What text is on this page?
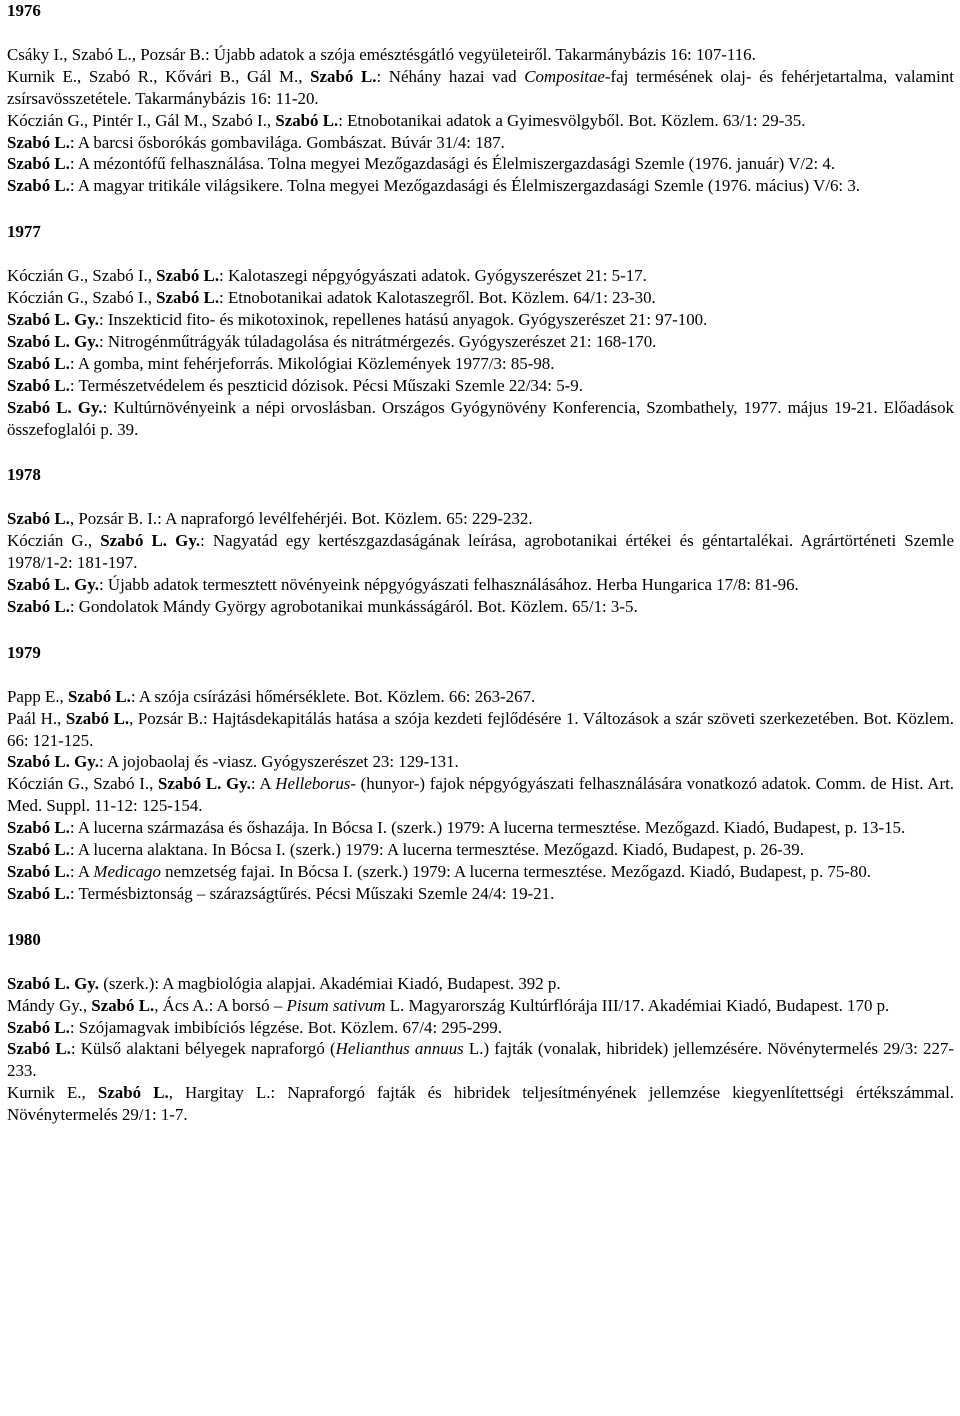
1976

Csáky I., Szabó L., Pozsár B.: Újabb adatok a szója emésztésgátló vegyületeiről. Takarmánybázis 16: 107-116.

Kurnik E., Szabó R., Kővári B., Gál M., Szabó L.: Néhány hazai vad Compositae-faj termésének olaj- és fehérjetartalma, valamint zsírsavösszetétele. Takarmánybázis 16: 11-20.

Kóczián G., Pintér I., Gál M., Szabó I., Szabó L.: Etnobotanikai adatok a Gyimesvölgyből. Bot. Közlem. 63/1: 29-35.

Szabó L.: A barcsi ősborókás gombavilága. Gombászat. Búvár 31/4: 187.

Szabó L.: A mézontófű felhasználása. Tolna megyei Mezőgazdasági és Élelmiszergazdasági Szemle (1976. január) V/2: 4.

Szabó L.: A magyar tritikále világsikere. Tolna megyei Mezőgazdasági és Élelmiszergazdasági Szemle (1976. mácius) V/6: 3.

1977

Kóczián G., Szabó I., Szabó L.: Kalotaszegi népgyógyászati adatok. Gyógyszerészet 21: 5-17.

Kóczián G., Szabó I., Szabó L.: Etnobotanikai adatok Kalotaszegről. Bot. Közlem. 64/1: 23-30.

Szabó L. Gy.: Inszekticid fito- és mikotoxinok, repellenes hatású anyagok. Gyógyszerészet 21: 97-100.

Szabó L. Gy.: Nitrogénműtrágyák túladagolása és nitrátmérgezés. Gyógyszerészet 21: 168-170.

Szabó L.: A gomba, mint fehérjeforrás. Mikológiai Közlemények 1977/3: 85-98.

Szabó L.: Természetvédelem és peszticid dózisok. Pécsi Műszaki Szemle 22/34: 5-9.

Szabó L. Gy.: Kultúrnövényeink a népi orvoslásban. Országos Gyógynövény Konferencia, Szombathely, 1977. május 19-21. Előadások összefoglalói p. 39.

1978

Szabó L., Pozsár B. I.: A napraforgó levélfehérjéi. Bot. Közlem. 65: 229-232.

Kóczián G., Szabó L. Gy.: Nagyatád egy kertészgazdaságának leírása, agrobotanikai értékei és géntartalékai. Agrártörténeti Szemle 1978/1-2: 181-197.

Szabó L. Gy.: Újabb adatok termesztett növényeink népgyógyászati felhasználásához. Herba Hungarica 17/8: 81-96.

Szabó L.: Gondolatok Mándy György agrobotanikai munkásságáról. Bot. Közlem. 65/1: 3-5.

1979

Papp E., Szabó L.: A szója csírázási hőmérséklete. Bot. Közlem. 66: 263-267.

Paál H., Szabó L., Pozsár B.: Hajtásdekapitálás hatása a szója kezdeti fejlődésére 1. Változások a szár szöveti szerkezetében. Bot. Közlem. 66: 121-125.

Szabó L. Gy.: A jojobaolaj és -viasz. Gyógyszerészet 23: 129-131.

Kóczián G., Szabó I., Szabó L. Gy.: A Helleborus- (hunyor-) fajok népgyógyászati felhasználására vonatkozó adatok. Comm. de Hist. Art. Med. Suppl. 11-12: 125-154.

Szabó L.: A lucerna származása és őshazája. In Bócsa I. (szerk.) 1979: A lucerna termesztése. Mezőgazd. Kiadó, Budapest, p. 13-15.

Szabó L.: A lucerna alaktana. In Bócsa I. (szerk.) 1979: A lucerna termesztése. Mezőgazd. Kiadó, Budapest, p. 26-39.

Szabó L.: A Medicago nemzetség fajai. In Bócsa I. (szerk.) 1979: A lucerna termesztése. Mezőgazd. Kiadó, Budapest, p. 75-80.

Szabó L.: Termésbiztonság – szárazságtűrés. Pécsi Műszaki Szemle 24/4: 19-21.

1980

Szabó L. Gy. (szerk.): A magbiológia alapjai. Akadémiai Kiadó, Budapest. 392 p.

Mándy Gy., Szabó L., Ács A.: A borsó – Pisum sativum L. Magyarország Kultúrflórája III/17. Akadémiai Kiadó, Budapest. 170 p.

Szabó L.: Szójamagvak imbibíciós légzése. Bot. Közlem. 67/4: 295-299.

Szabó L.: Külső alaktani bélyegek napraforgó (Helianthus annuus L.) fajták (vonalak, hibridek) jellemzésére. Növénytermelés 29/3: 227-233.

Kurnik E., Szabó L., Hargitay L.: Napraforgó fajták és hibridek teljesítményének jellemzése kiegyenlítettségi értékszámmal. Növénytermelés 29/1: 1-7.
